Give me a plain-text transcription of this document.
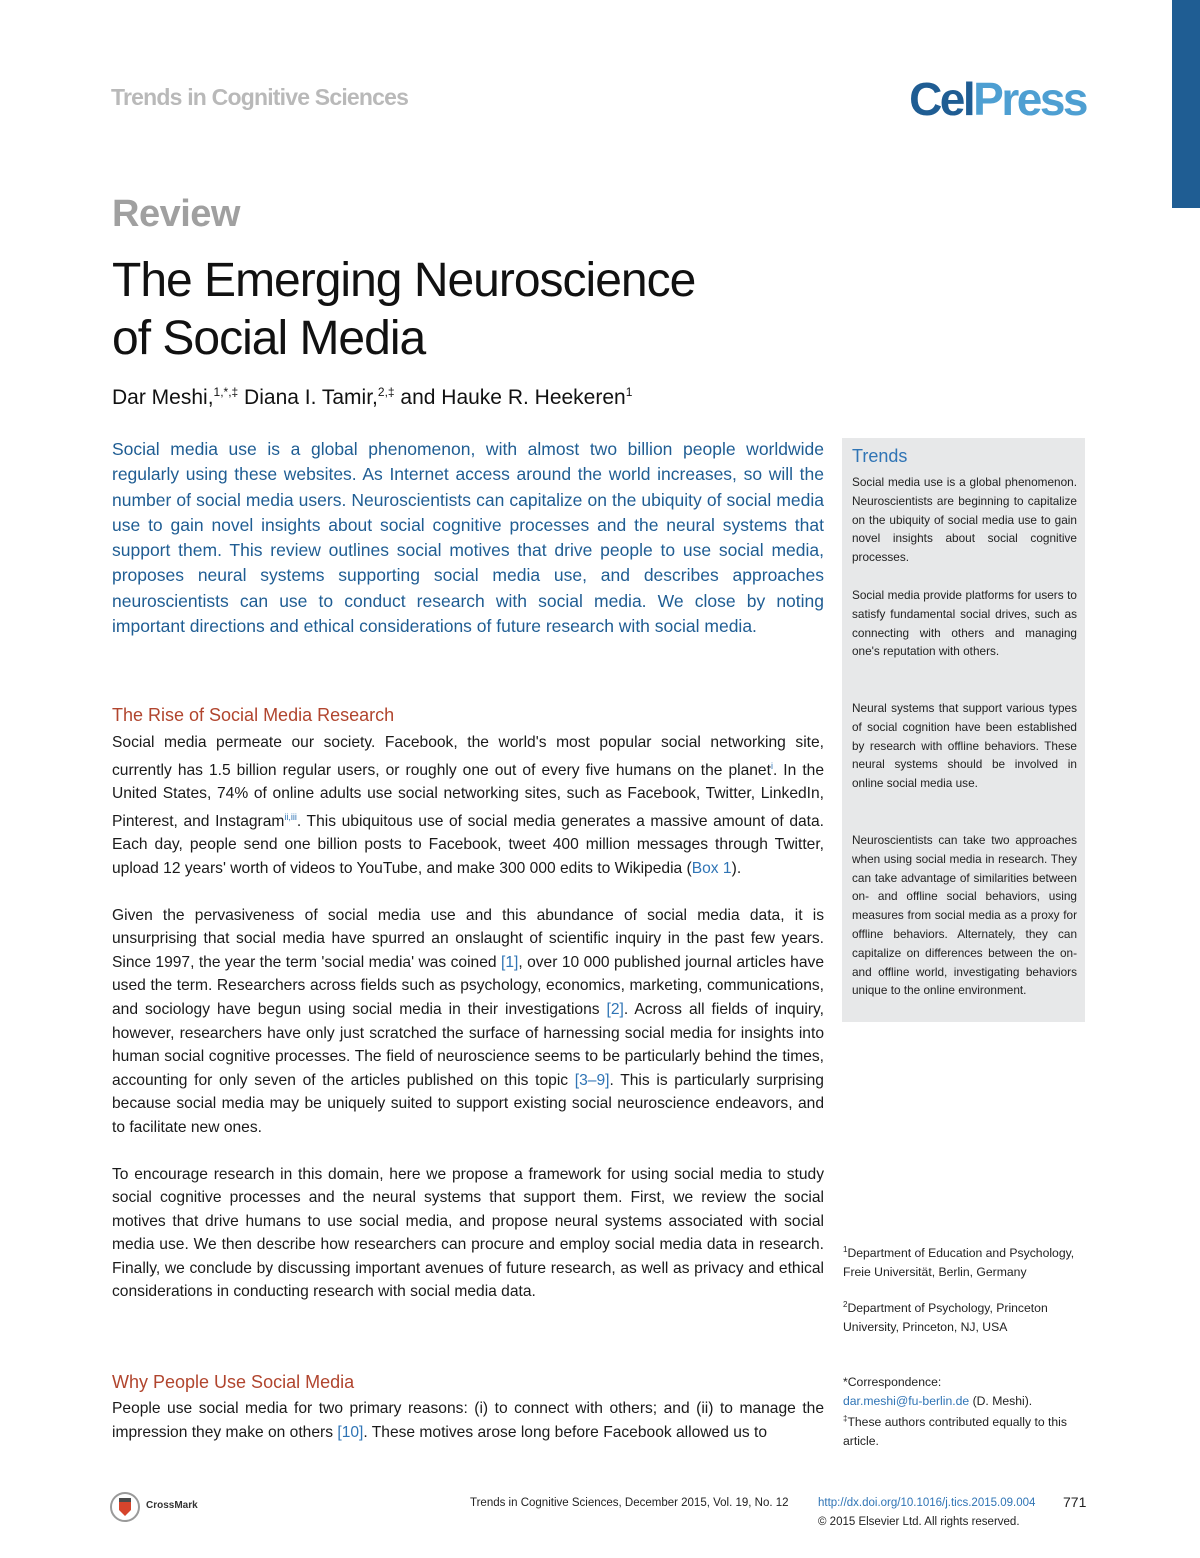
Trends in Cognitive Sciences	CelPress
Review
The Emerging Neuroscience
of Social Media
Dar Meshi,$^{1,*,\ddagger}$ Diana I. Tamir,$^{2,\ddagger}$ and Hauke R. Heekeren$^1$
Social media use is a global phenomenon, with almost two billion people worldwide regularly using these websites. As Internet access around the world increases, so will the number of social media users. Neuroscientists can capitalize on the ubiquity of social media use to gain novel insights about social cognitive processes and the neural systems that support them. This review outlines social motives that drive people to use social media, proposes neural systems supporting social media use, and describes approaches neuroscientists can use to conduct research with social media. We close by noting important directions and ethical considerations of future research with social media.
The Rise of Social Media Research

Social media permeate our society. Facebook, the world's most popular social networking site, currently has 1.5 billion regular users, or roughly one out of every five humans on the planet$^i$. In the United States, 74% of online adults use social networking sites, such as Facebook, Twitter, LinkedIn, Pinterest, and Instagram$^{ii,iii}$. This ubiquitous use of social media generates a massive amount of data. Each day, people send one billion posts to Facebook, tweet 400 million messages through Twitter, upload 12 years' worth of videos to YouTube, and make 300 000 edits to Wikipedia (Box 1).

Given the pervasiveness of social media use and this abundance of social media data, it is unsurprising that social media have spurred an onslaught of scientific inquiry in the past few years. Since 1997, the year the term 'social media' was coined [1], over 10 000 published journal articles have used the term. Researchers across fields such as psychology, economics, marketing, communications, and sociology have begun using social media in their investigations [2]. Across all fields of inquiry, however, researchers have only just scratched the surface of harnessing social media for insights into human social cognitive processes. The field of neuroscience seems to be particularly behind the times, accounting for only seven of the articles published on this topic [3–9]. This is particularly surprising because social media may be uniquely suited to support existing social neuroscience endeavors, and to facilitate new ones.

To encourage research in this domain, here we propose a framework for using social media to study social cognitive processes and the neural systems that support them. First, we review the social motives that drive humans to use social media, and propose neural systems associated with social media use. We then describe how researchers can procure and employ social media data in research. Finally, we conclude by discussing important avenues of future research, as well as privacy and ethical considerations in conducting research with social media data.

Why People Use Social Media

People use social media for two primary reasons: (i) to connect with others; and (ii) to manage the impression they make on others [10]. These motives arose long before Facebook allowed us to

Trends
Social media use is a global phenomenon. Neuroscientists are beginning to capitalize on the ubiquity of social media use to gain novel insights about social cognitive processes.
Social media provide platforms for users to satisfy fundamental social drives, such as connecting with others and managing one's reputation with others.
Neural systems that support various types of social cognition have been established by research with offline behaviors. These neural systems should be involved in online social media use.
Neuroscientists can take two approaches when using social media in research. They can take advantage of similarities between on- and offline social behaviors, using measures from social media as a proxy for offline behaviors. Alternately, they can capitalize on differences between the on- and offline world, investigating behaviors unique to the online environment.
$^1$Department of Education and Psychology, Freie Universität, Berlin, Germany
$^2$Department of Psychology, Princeton University, Princeton, NJ, USA
*Correspondence:
dar.meshi@fu-berlin.de (D. Meshi).
‡These authors contributed equally to this article.
CrossMark	Trends in Cognitive Sciences, December 2015, Vol. 19, No. 12	http://dx.doi.org/10.1016/j.tics.2015.09.004 771
© 2015 Elsevier Ltd. All rights reserved.
